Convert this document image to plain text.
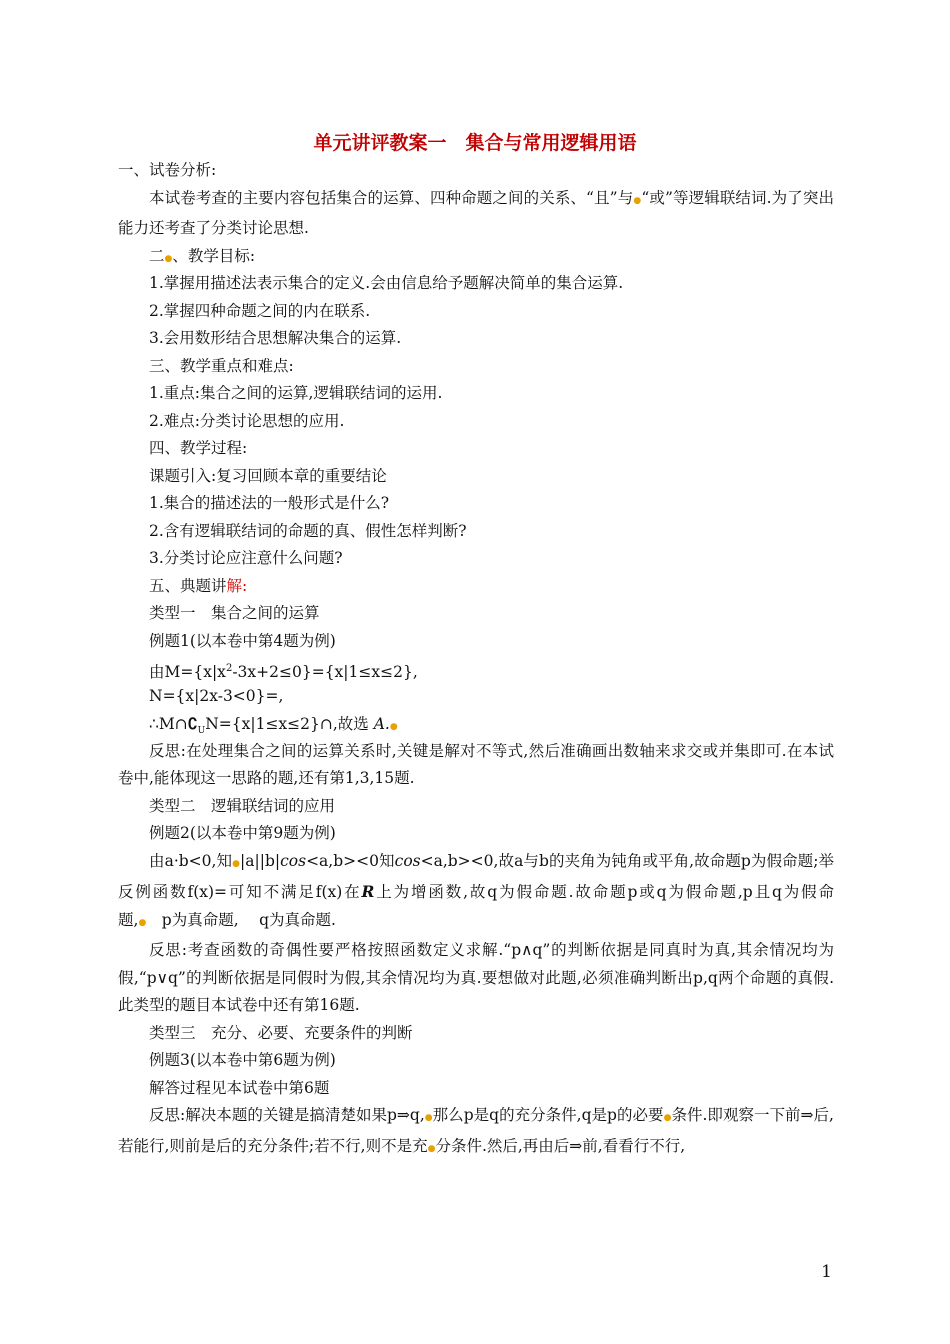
单元讲评教案一　集合与常用逻辑用语
一、试卷分析:
本试卷考查的主要内容包括集合的运算、四种命题之间的关系、“且”与●“或”等逻辑联结词.为了突出能力还考查了分类讨论思想.
二●、教学目标:
1.掌握用描述法表示集合的定义.会由信息给予题解决简单的集合运算.
2.掌握四种命题之间的内在联系.
3.会用数形结合思想解决集合的运算.
三、教学重点和难点:
1.重点:集合之间的运算,逻辑联结词的运用.
2.难点:分类讨论思想的应用.
四、教学过程:
课题引入:复习回顾本章的重要结论
1.集合的描述法的一般形式是什么?
2.含有逻辑联结词的命题的真、假性怎样判断?
3.分类讨论应注意什么问题?
五、典题讲解:
类型一　集合之间的运算
例题1(以本卷中第4题为例)
由$M=\{x|x^2-3x+2\le 0\}=\{x|1\le x\le 2\}$,
N={x|2x-3<0}=,
$\therefore M\cap∁_UN=\{x|1\le x\le 2\}\cap$,故选 A.●
反思:在处理集合之间的运算关系时,关键是解对不等式,然后准确画出数轴来求交或并集即可.在本试卷中,能体现这一思路的题,还有第1,3,15题.
类型二　逻辑联结词的应用
例题2(以本卷中第9题为例)
由a·b<0,知●|a||b|cos<a,b><0知cos<a,b><0,故a与b的夹角为钝角或平角,故命题p为假命题;举反例函数f(x)=可知不满足f(x)在R上为增函数,故q为假命题.故命题p或q为假命题,p且q为假命题,●　p为真命题,　 q为真命题.
反思:考查函数的奇偶性要严格按照函数定义求解.“p∧q”的判断依据是同真时为真,其余情况均为假,“p∨q”的判断依据是同假时为假,其余情况均为真.要想做对此题,必须准确判断出p,q两个命题的真假.此类型的题目本试卷中还有第16题.
类型三　充分、必要、充要条件的判断
例题3(以本卷中第6题为例)
解答过程见本试卷中第6题
反思:解决本题的关键是搞清楚如果p⇒q,●那么p是q的充分条件,q是p的必要●条件.即观察一下前⇒后,若能行,则前是后的充分条件;若不行,则不是充●分条件.然后,再由后⇒前,看看行不行,
1
